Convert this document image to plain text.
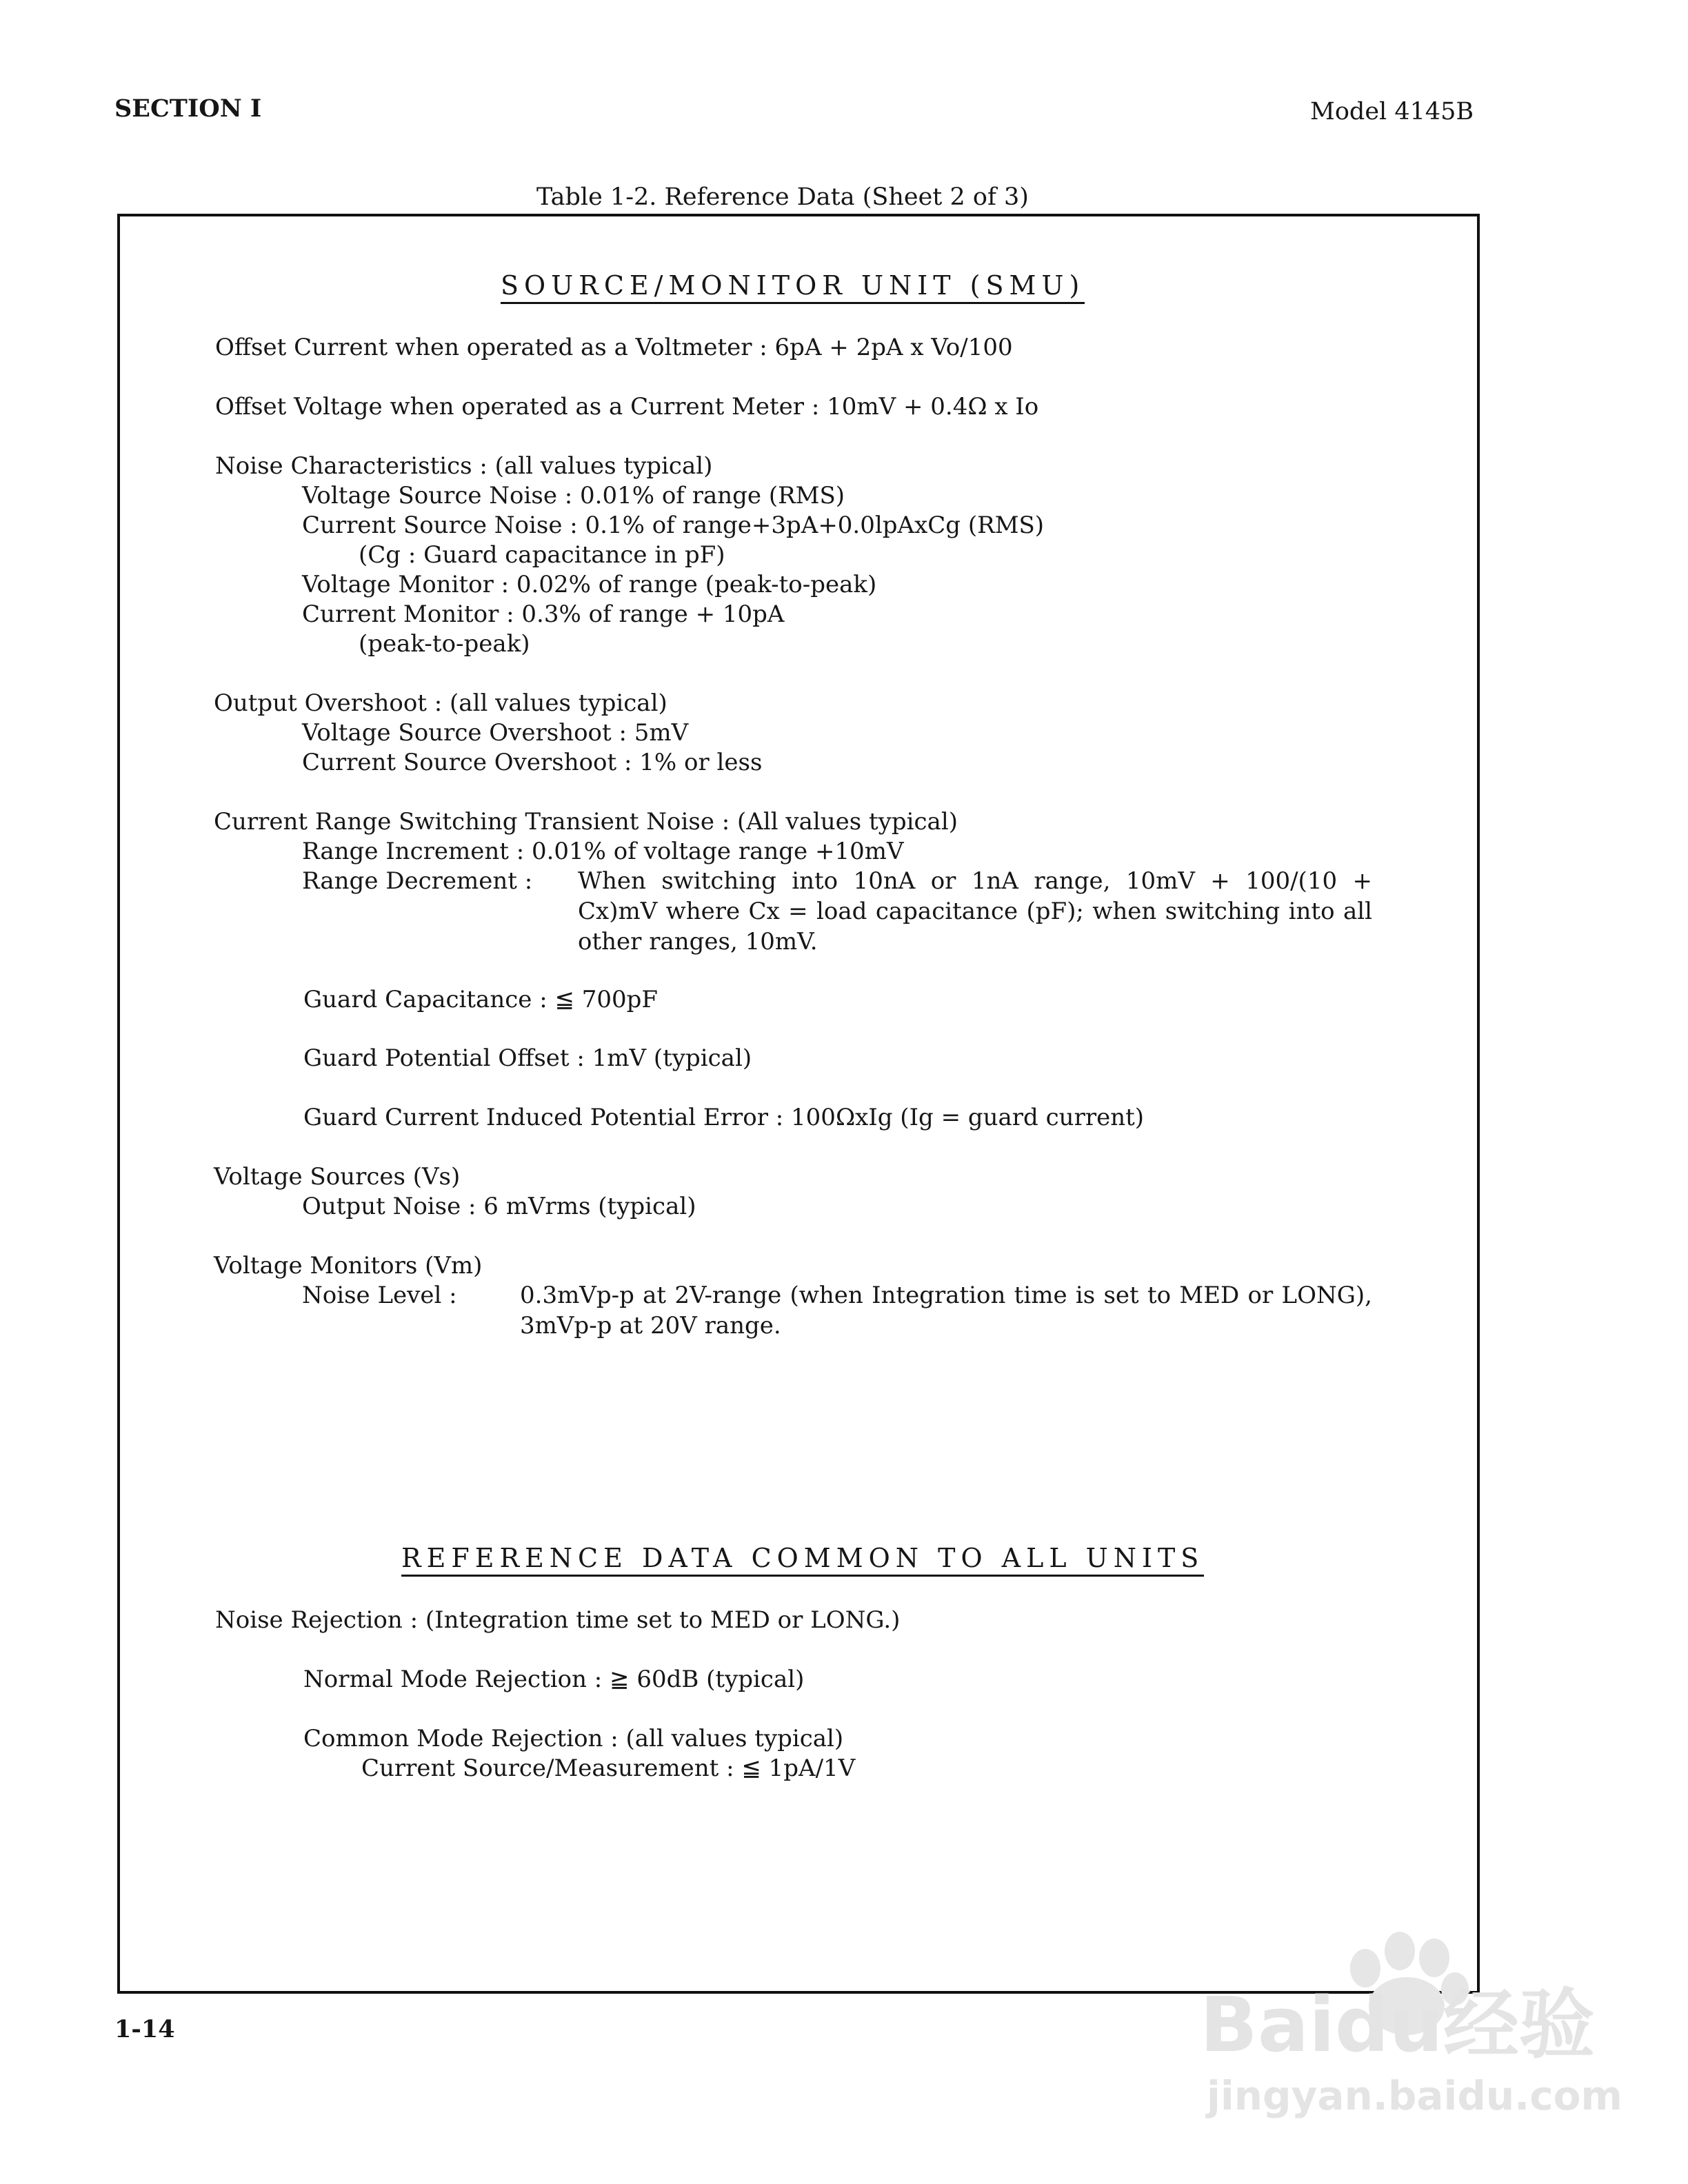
SECTION I	Model 4145B
Table 1-2. Reference Data (Sheet 2 of 3)
SOURCE/MONITOR UNIT (SMU)
Offset Current when operated as a Voltmeter : 6pA + 2pA x Vo/100
Offset Voltage when operated as a Current Meter : 10mV + 0.4Ω x Io
Noise Characteristics : (all values typical)
Voltage Source Noise : 0.01% of range (RMS)
Current Source Noise : 0.1% of range+3pA+0.0lpAxCg (RMS)
(Cg : Guard capacitance in pF)
Voltage Monitor : 0.02% of range (peak-to-peak)
Current Monitor : 0.3% of range + 10pA
(peak-to-peak)
Output Overshoot : (all values typical)
Voltage Source Overshoot : 5mV
Current Source Overshoot : 1% or less
Current Range Switching Transient Noise : (All values typical)
Range Increment : 0.01% of voltage range +10mV
Range Decrement : When switching into 10nA or 1nA range, 10mV + 100/(10 + Cx)mV where Cx = load capacitance (pF); when switching into all other ranges, 10mV.
Guard Capacitance : ≦ 700pF
Guard Potential Offset : 1mV (typical)
Guard Current Induced Potential Error : 100ΩxIg (Ig = guard current)
Voltage Sources (Vs)
Output Noise : 6 mVrms (typical)
Voltage Monitors (Vm)
Noise Level :	0.3mVp-p at 2V-range (when Integration time is set to MED or LONG), 3mVp-p at 20V range.
REFERENCE DATA COMMON TO ALL UNITS
Noise Rejection : (Integration time set to MED or LONG.)
Normal Mode Rejection : ≧ 60dB (typical)
Common Mode Rejection : (all values typical)
Current Source/Measurement : ≦ 1pA/1V
1-14	Baidu经验
jingyan.baidu.com
